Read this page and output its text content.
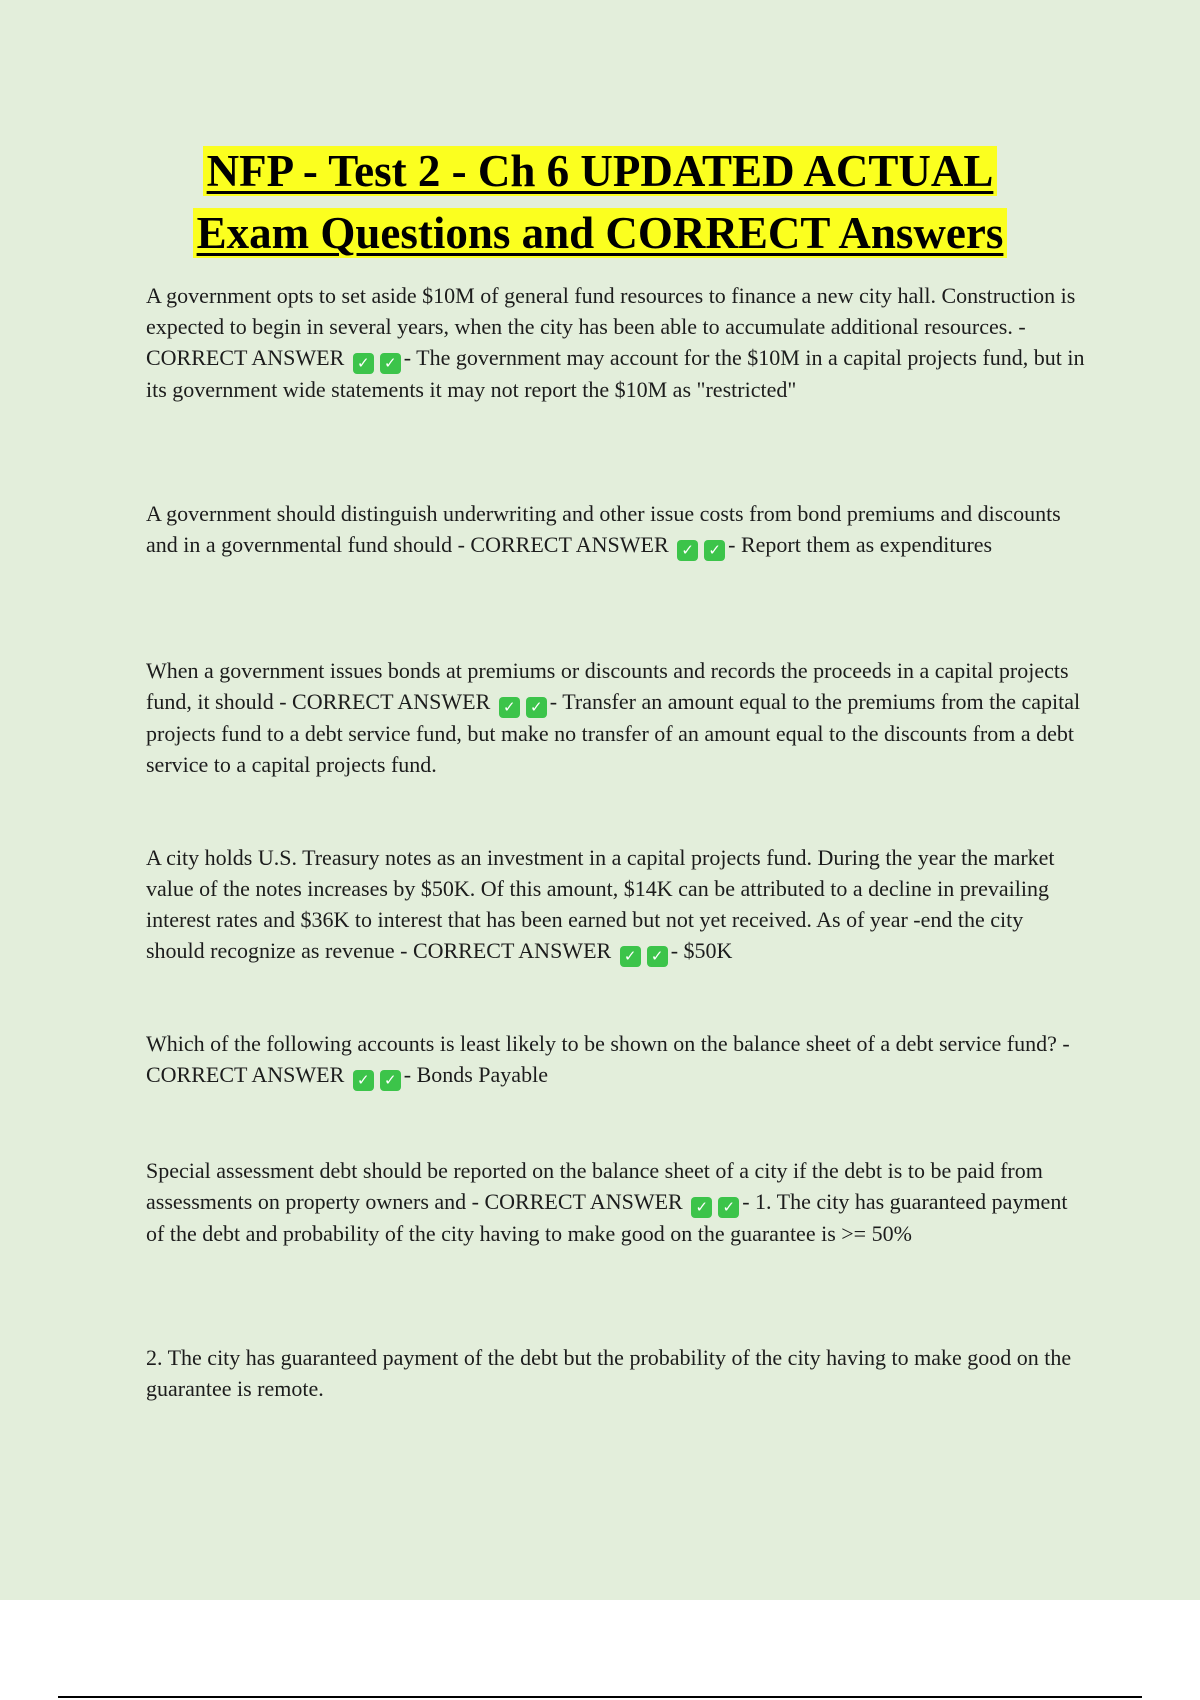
NFP - Test 2 - Ch 6 UPDATED ACTUAL
Exam Questions and CORRECT Answers

A government opts to set aside $10M of general fund resources to finance a new city hall. Construction is expected to begin in several years, when the city has been able to accumulate additional resources. - CORRECT ANSWER ✓ ✓ - The government may account for the $10M in a capital projects fund, but in its government wide statements it may not report the $10M as "restricted"

A government should distinguish underwriting and other issue costs from bond premiums and discounts and in a governmental fund should - CORRECT ANSWER ✓ ✓ - Report them as expenditures

When a government issues bonds at premiums or discounts and records the proceeds in a capital projects fund, it should - CORRECT ANSWER ✓ ✓ - Transfer an amount equal to the premiums from the capital projects fund to a debt service fund, but make no transfer of an amount equal to the discounts from a debt service to a capital projects fund.

A city holds U.S. Treasury notes as an investment in a capital projects fund. During the year the market value of the notes increases by $50K. Of this amount, $14K can be attributed to a decline in prevailing interest rates and $36K to interest that has been earned but not yet received. As of year -end the city should recognize as revenue - CORRECT ANSWER ✓ ✓ - $50K

Which of the following accounts is least likely to be shown on the balance sheet of a debt service fund? - CORRECT ANSWER ✓ ✓ - Bonds Payable

Special assessment debt should be reported on the balance sheet of a city if the debt is to be paid from assessments on property owners and - CORRECT ANSWER ✓ ✓ - 1. The city has guaranteed payment of the debt and probability of the city having to make good on the guarantee is >= 50%

2. The city has guaranteed payment of the debt but the probability of the city having to make good on the guarantee is remote.
